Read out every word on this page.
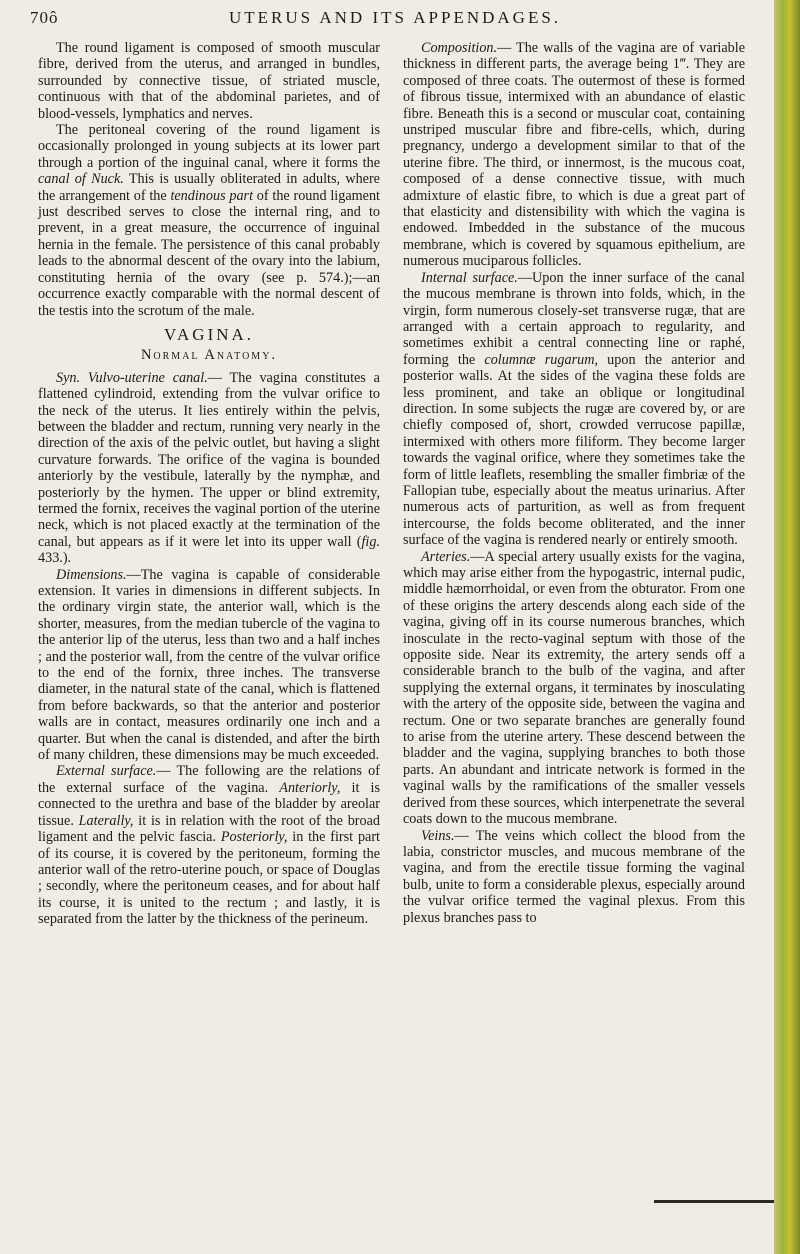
70ô	UTERUS AND ITS APPENDAGES.

The round ligament is composed of smooth muscular fibre, derived from the uterus, and arranged in bundles, surrounded by connective tissue, of striated muscle, continuous with that of the abdominal parietes, and of blood-vessels, lymphatics and nerves.

The peritoneal covering of the round ligament is occasionally prolonged in young subjects at its lower part through a portion of the inguinal canal, where it forms the canal of Nuck. This is usually obliterated in adults, where the arrangement of the tendinous part of the round ligament just described serves to close the internal ring, and to prevent, in a great measure, the occurrence of inguinal hernia in the female. The persistence of this canal probably leads to the abnormal descent of the ovary into the labium, constituting hernia of the ovary (see p. 574.);—an occurrence exactly comparable with the normal descent of the testis into the scrotum of the male.

VAGINA.
Normal Anatomy.

Syn. Vulvo-uterine canal.— The vagina constitutes a flattened cylindroid, extending from the vulvar orifice to the neck of the uterus. It lies entirely within the pelvis, between the bladder and rectum, running very nearly in the direction of the axis of the pelvic outlet, but having a slight curvature forwards. The orifice of the vagina is bounded anteriorly by the vestibule, laterally by the nymphæ, and posteriorly by the hymen. The upper or blind extremity, termed the fornix, receives the vaginal portion of the uterine neck, which is not placed exactly at the termination of the canal, but appears as if it were let into its upper wall (fig. 433.).

Dimensions.—The vagina is capable of considerable extension. It varies in dimensions in different subjects. In the ordinary virgin state, the anterior wall, which is the shorter, measures, from the median tubercle of the vagina to the anterior lip of the uterus, less than two and a half inches ; and the posterior wall, from the centre of the vulvar orifice to the end of the fornix, three inches. The transverse diameter, in the natural state of the canal, which is flattened from before backwards, so that the anterior and posterior walls are in contact, measures ordinarily one inch and a quarter. But when the canal is distended, and after the birth of many children, these dimensions may be much exceeded.

External surface.— The following are the relations of the external surface of the vagina. Anteriorly, it is connected to the urethra and base of the bladder by areolar tissue. Laterally, it is in relation with the root of the broad ligament and the pelvic fascia. Posteriorly, in the first part of its course, it is covered by the peritoneum, forming the anterior wall of the retro-uterine pouch, or space of Douglas ; secondly, where the peritoneum ceases, and for about half its course, it is united to the rectum ; and lastly, it is separated from the latter by the thickness of the perineum.

Composition.— The walls of the vagina are of variable thickness in different parts, the average being 1‴. They are composed of three coats. The outermost of these is formed of fibrous tissue, intermixed with an abundance of elastic fibre. Beneath this is a second or muscular coat, containing unstriped muscular fibre and fibre-cells, which, during pregnancy, undergo a development similar to that of the uterine fibre. The third, or innermost, is the mucous coat, composed of a dense connective tissue, with much admixture of elastic fibre, to which is due a great part of that elasticity and distensibility with which the vagina is endowed. Imbedded in the substance of the mucous membrane, which is covered by squamous epithelium, are numerous muciparous follicles.

Internal surface.—Upon the inner surface of the canal the mucous membrane is thrown into folds, which, in the virgin, form numerous closely-set transverse rugæ, that are arranged with a certain approach to regularity, and sometimes exhibit a central connecting line or raphé, forming the columnæ rugarum, upon the anterior and posterior walls. At the sides of the vagina these folds are less prominent, and take an oblique or longitudinal direction. In some subjects the rugæ are covered by, or are chiefly composed of, short, crowded verrucose papillæ, intermixed with others more filiform. They become larger towards the vaginal orifice, where they sometimes take the form of little leaflets, resembling the smaller fimbriæ of the Fallopian tube, especially about the meatus urinarius. After numerous acts of parturition, as well as from frequent intercourse, the folds become obliterated, and the inner surface of the vagina is rendered nearly or entirely smooth.

Arteries.—A special artery usually exists for the vagina, which may arise either from the hypogastric, internal pudic, middle hæmorrhoidal, or even from the obturator. From one of these origins the artery descends along each side of the vagina, giving off in its course numerous branches, which inosculate in the recto-vaginal septum with those of the opposite side. Near its extremity, the artery sends off a considerable branch to the bulb of the vagina, and after supplying the external organs, it terminates by inosculating with the artery of the opposite side, between the vagina and rectum. One or two separate branches are generally found to arise from the uterine artery. These descend between the bladder and the vagina, supplying branches to both those parts. An abundant and intricate network is formed in the vaginal walls by the ramifications of the smaller vessels derived from these sources, which interpenetrate the several coats down to the mucous membrane.

Veins.— The veins which collect the blood from the labia, constrictor muscles, and mucous membrane of the vagina, and from the erectile tissue forming the vaginal bulb, unite to form a considerable plexus, especially around the vulvar orifice termed the vaginal plexus. From this plexus branches pass to
